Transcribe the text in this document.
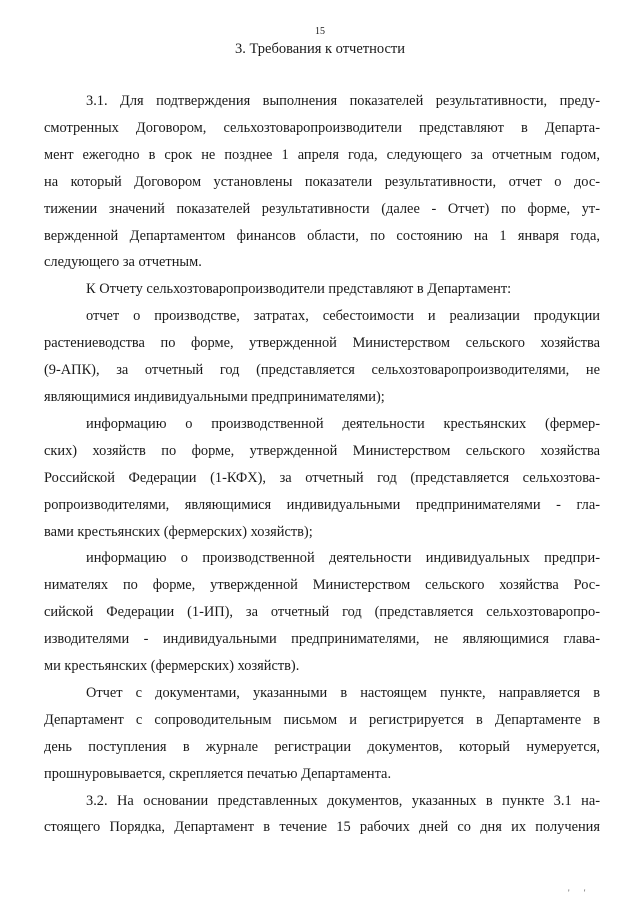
15
3. Требования к отчетности

3.1. Для подтверждения выполнения показателей результативности, преду-
смотренных Договором, сельхозтоваропроизводители представляют в Департа-
мент ежегодно в срок не позднее 1 апреля года, следующего за отчетным годом,
на который Договором установлены показатели результативности, отчет о дос-
тижении значений показателей результативности (далее - Отчет) по форме, ут-
вержденной Департаментом финансов области, по состоянию на 1 января года,
следующего за отчетным.

К Отчету сельхозтоваропроизводители представляют в Департамент:

отчет о производстве, затратах, себестоимости и реализации продукции
растениеводства по форме, утвержденной Министерством сельского хозяйства
(9-АПК), за отчетный год (представляется сельхозтоваропроизводителями, не
являющимися индивидуальными предпринимателями);

информацию о производственной деятельности крестьянских (фермер-
ских) хозяйств по форме, утвержденной Министерством сельского хозяйства
Российской Федерации (1-КФХ), за отчетный год (представляется сельхозтова-
ропроизводителями, являющимися индивидуальными предпринимателями - гла-
вами крестьянских (фермерских) хозяйств);

информацию о производственной деятельности индивидуальных предпри-
нимателях по форме, утвержденной Министерством сельского хозяйства Рос-
сийской Федерации (1-ИП), за отчетный год (представляется сельхозтоваропро-
изводителями - индивидуальными предпринимателями, не являющимися глава-
ми крестьянских (фермерских) хозяйств).

Отчет с документами, указанными в настоящем пункте, направляется в
Департамент с сопроводительным письмом и регистрируется в Департаменте в
день поступления в журнале регистрации документов, который нумеруется,
прошнуровывается, скрепляется печатью Департамента.

3.2. На основании представленных документов, указанных в пункте 3.1 на-
стоящего Порядка, Департамент в течение 15 рабочих дней со дня их получения

' '
